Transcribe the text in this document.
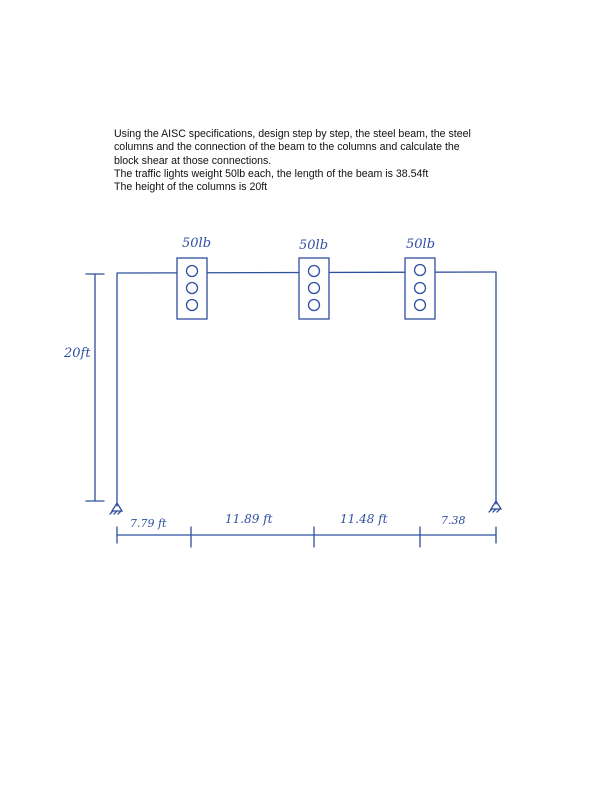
Using the AISC specifications, design step by step, the steel beam, the steel
columns and the connection of the beam to the columns and calculate the
block shear at those connections.
The traffic lights weight 50lb each, the length of the beam is 38.54ft
The height of the columns is 20ft
50lb	50lb	50lb
20ft
7.79 ft	11.89 ft	11.48 ft	7.38
